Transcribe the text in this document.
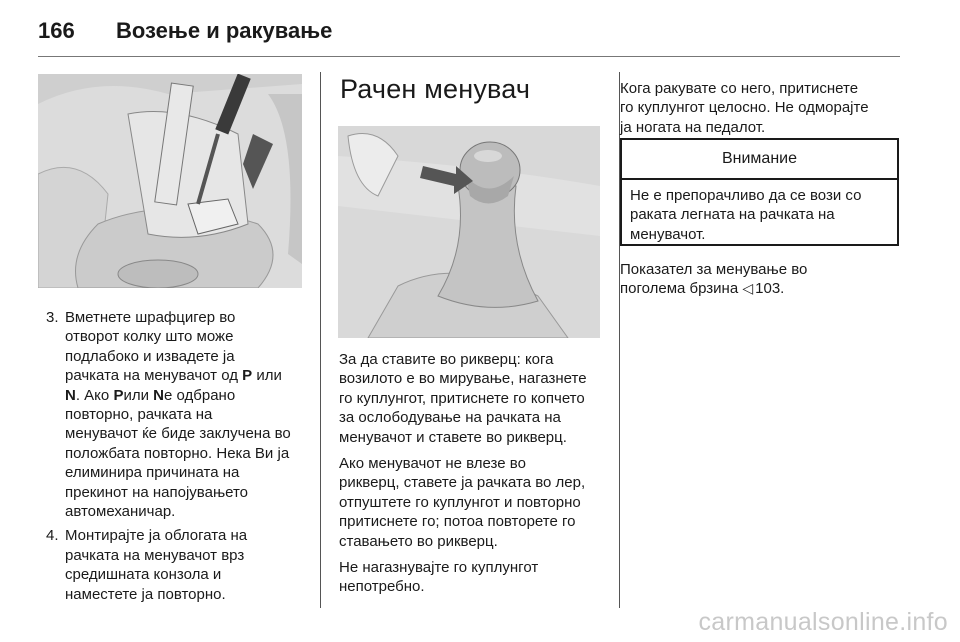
166 Возење и ракување
3. Вметнете шрафцигер во
отворот колку што може
подлабоко и извадете ја
рачката на менувачот од P или
N. Ако Pили Nе одбрано
повторно, рачката на
менувачот ќе биде заклучена во
положбата повторно. Нека Ви ја
елиминира причината на
прекинот на напојувањето
автомеханичар.
4. Монтирајте ја облогата на
рачката на менувачот врз
средишната конзола и
наместете ја повторно.
Рачен менувач

За да ставите во рикверц: кога
возилото е во мирување, нагазнете
го куплунгот, притиснете го копчето
за ослободување на рачката на
менувачот и ставете во рикверц.

Ако менувачот не влезе во
рикверц, ставете ја рачката во лер,
отпуштете го куплунгот и повторно
притиснете го; потоа повторете го
ставањето во рикверц.

Не нагазнувајте го куплунгот
непотребно.

Кога ракувате со него, притиснете
го куплунгот целосно. Не одморајте
ја ногата на педалот.
Внимание
Не е препорачливо да се вози со
раката легната на рачката на
менувачот.
Показател за менување во
поголема брзина ◁ 103.
carmanualsonline.info
